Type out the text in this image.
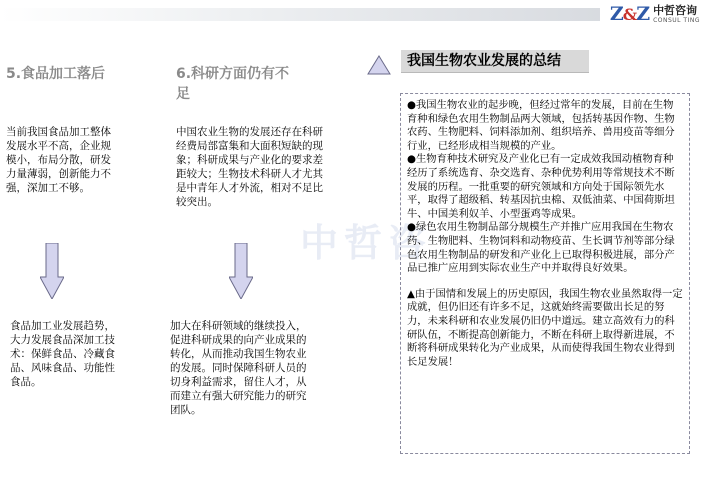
Z&Z 中哲咨询
CONSUL TING
中哲咨
5.食品加工落后
当前我国食品加工整体发展水平不高，企业规模小，布局分散，研发力量薄弱，创新能力不强，深加工不够。
食品加工业发展趋势，大力发展食品深加工技术：保鲜食品、冷藏食品、风味食品、功能性食品。
6.科研方面仍有不足
中国农业生物的发展还存在科研经费局部富集和大面积短缺的现象；科研成果与产业化的要求差距较大；生物技术科研人才尤其是中青年人才外流，相对不足比较突出。
加大在科研领域的继续投入，促进科研成果的向产业成果的转化，从而推动我国生物农业的发展。同时保障科研人员的切身利益需求，留住人才，从而建立有强大研究能力的研究团队。
我国生物农业发展的总结

●我国生物农业的起步晚，但经过常年的发展，目前在生物育种和绿色农用生物制品两大领域，包括转基因作物、生物农药、生物肥料、饲料添加剂、组织培养、兽用疫苗等细分行业，已经形成相当规模的产业。

●生物育种技术研究及产业化已有一定成效我国动植物育种经历了系统选育、杂交选育、杂种优势利用等常规技术不断发展的历程。一批重要的研究领域和方向处于国际领先水平，取得了超级稻、转基因抗虫棉、双低油菜、中国荷斯坦牛、中国美利奴羊、小型蛋鸡等成果。

●绿色农用生物制品部分规模生产并推广应用我国在生物农药、生物肥料、生物饲料和动物疫苗、生长调节剂等部分绿色农用生物制品的研发和产业化上已取得积极进展，部分产品已推广应用到实际农业生产中并取得良好效果。

▲由于国情和发展上的历史原因，我国生物农业虽然取得一定成就，但仍旧还有许多不足，这就始终需要做出长足的努力，未来科研和农业发展仍旧仍中道远。建立高效有力的科研队伍，不断提高创新能力，不断在科研上取得新进展，不断将科研成果转化为产业成果，从而使得我国生物农业得到长足发展！
